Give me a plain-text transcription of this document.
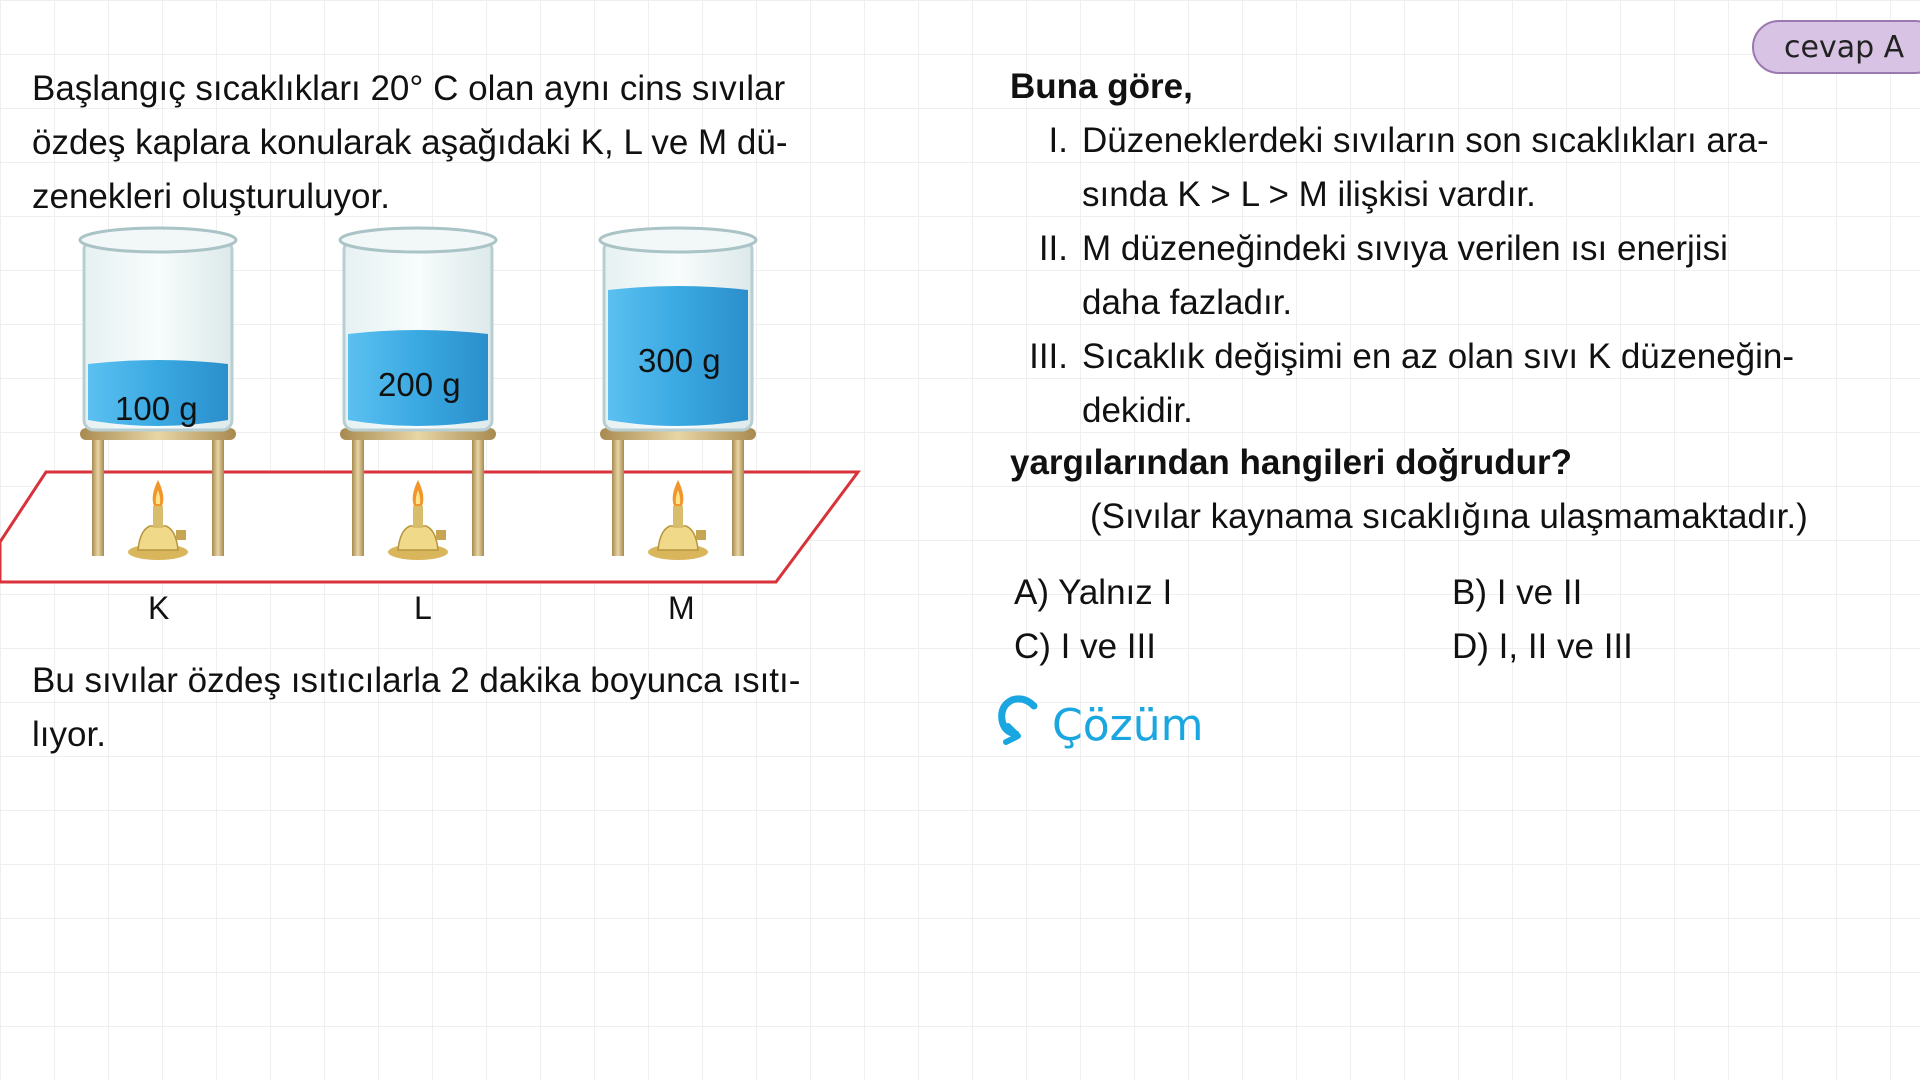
Başlangıç sıcaklıkları 20° C olan aynı cins sıvılar
özdeş kaplara konularak aşağıdaki K, L ve M dü-
zenekleri oluşturuluyor.
100 g
K
200 g
L
300 g
M
Bu sıvılar özdeş ısıtıcılarla 2 dakika boyunca ısıtı-
lıyor.
cevap A
Buna göre,
I. Düzeneklerdeki sıvıların son sıcaklıkları ara-
sında K > L > M ilişkisi vardır.
II. M düzeneğindeki sıvıya verilen ısı enerjisi
daha fazladır.
III. Sıcaklık değişimi en az olan sıvı K düzeneğin-
dekidir.
yargılarından hangileri doğrudur?
(Sıvılar kaynama sıcaklığına ulaşmamaktadır.)
A) Yalnız I	B) I ve II
C) I ve III	D) I, II ve III
Çözüm
